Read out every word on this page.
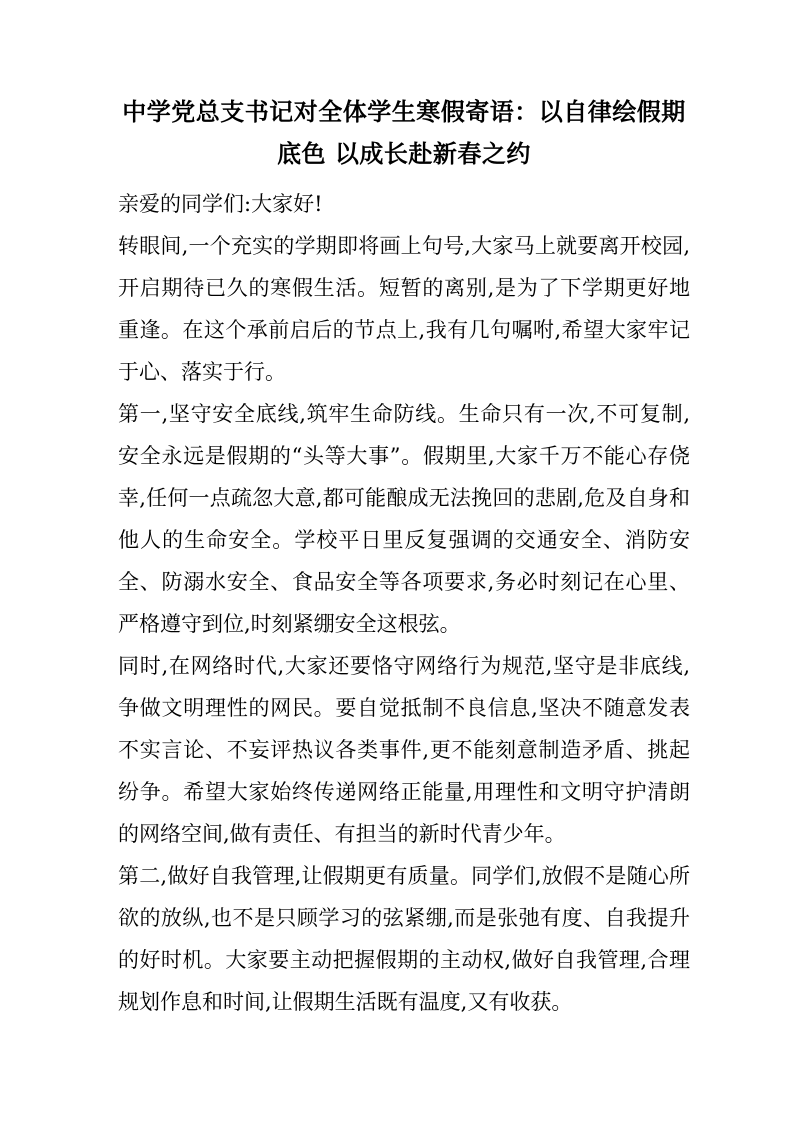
中学党总支书记对全体学生寒假寄语：以自律绘假期底色 以成长赴新春之约

亲爱的同学们:大家好!

转眼间,一个充实的学期即将画上句号,大家马上就要离开校园,开启期待已久的寒假生活。短暂的离别,是为了下学期更好地重逢。在这个承前启后的节点上,我有几句嘱咐,希望大家牢记于心、落实于行。

第一,坚守安全底线,筑牢生命防线。生命只有一次,不可复制,安全永远是假期的“头等大事”。假期里,大家千万不能心存侥幸,任何一点疏忽大意,都可能酿成无法挽回的悲剧,危及自身和他人的生命安全。学校平日里反复强调的交通安全、消防安全、防溺水安全、食品安全等各项要求,务必时刻记在心里、严格遵守到位,时刻紧绷安全这根弦。

同时,在网络时代,大家还要恪守网络行为规范,坚守是非底线,争做文明理性的网民。要自觉抵制不良信息,坚决不随意发表不实言论、不妄评热议各类事件,更不能刻意制造矛盾、挑起纷争。希望大家始终传递网络正能量,用理性和文明守护清朗的网络空间,做有责任、有担当的新时代青少年。

第二,做好自我管理,让假期更有质量。同学们,放假不是随心所欲的放纵,也不是只顾学习的弦紧绷,而是张弛有度、自我提升的好时机。大家要主动把握假期的主动权,做好自我管理,合理规划作息和时间,让假期生活既有温度,又有收获。
